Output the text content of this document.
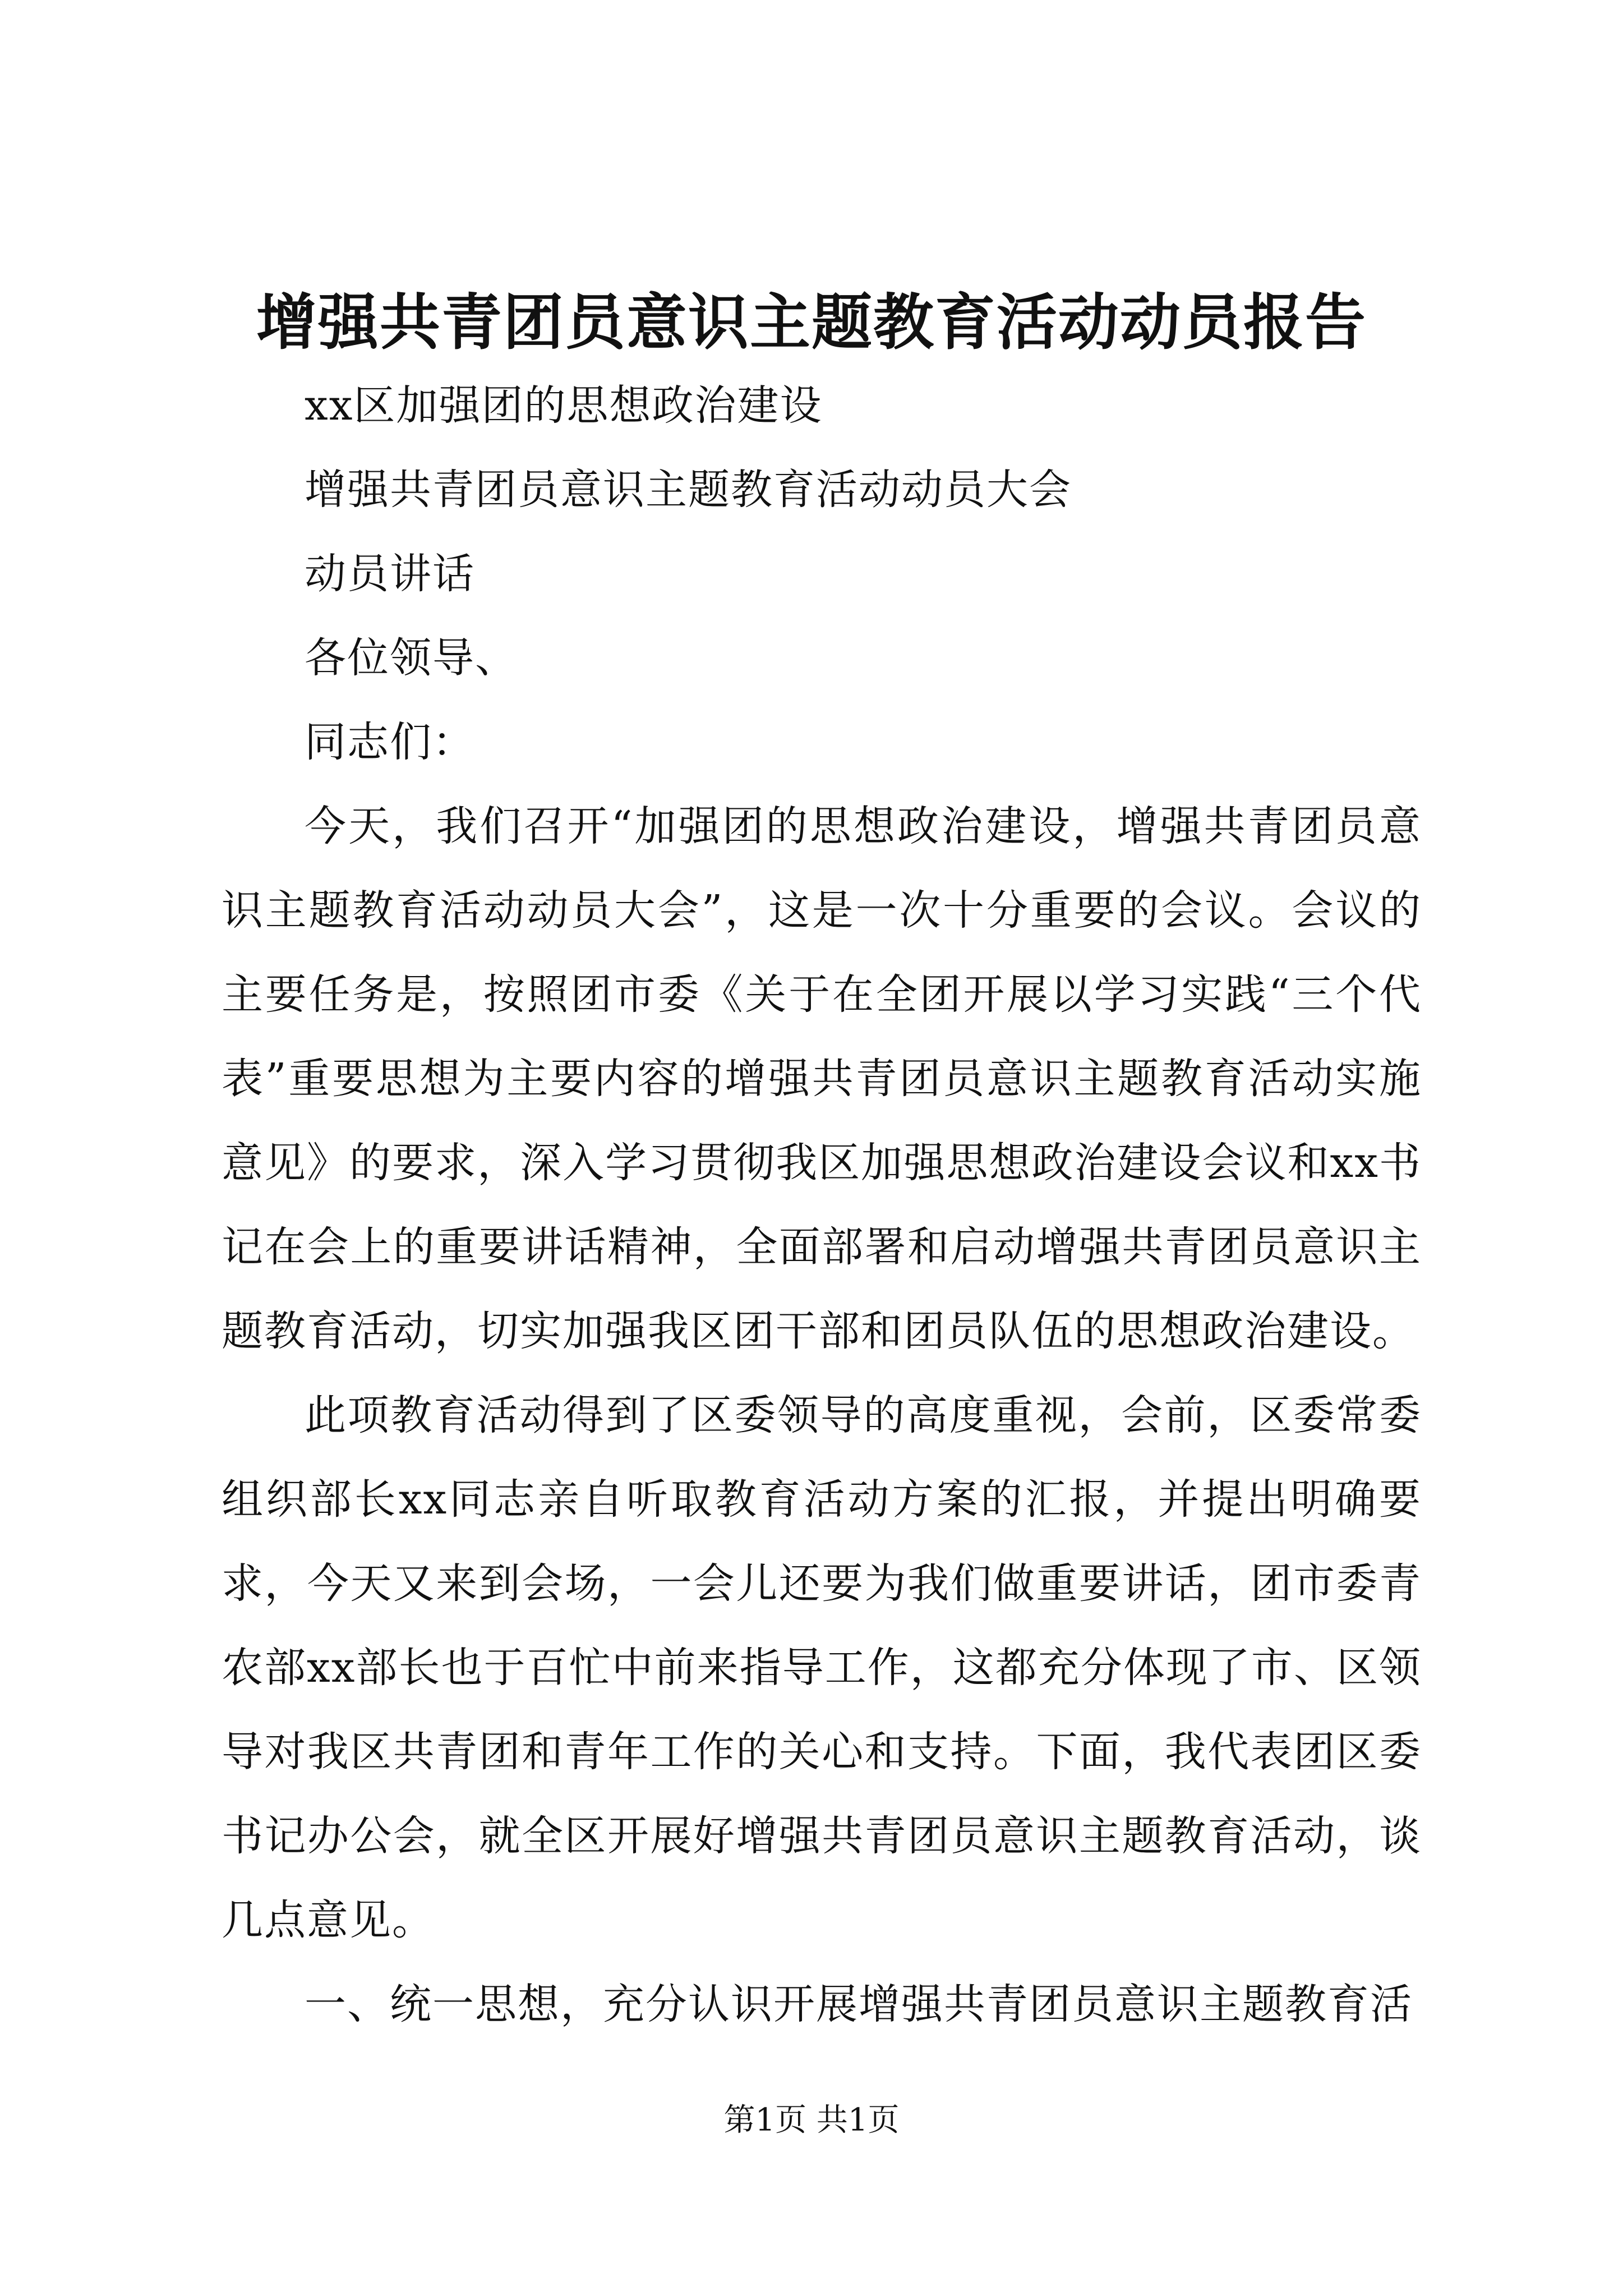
增强共青团员意识主题教育活动动员报告

xx区加强团的思想政治建设

增强共青团员意识主题教育活动动员大会

动员讲话

各位领导、

同志们：

今天，我们召开“加强团的思想政治建设，增强共青团员意识主题教育活动动员大会”，这是一次十分重要的会议。会议的主要任务是，按照团市委《关于在全团开展以学习实践“三个代表”重要思想为主要内容的增强共青团员意识主题教育活动实施意见》的要求，深入学习贯彻我区加强思想政治建设会议和xx书记在会上的重要讲话精神，全面部署和启动增强共青团员意识主题教育活动，切实加强我区团干部和团员队伍的思想政治建设。

此项教育活动得到了区委领导的高度重视，会前，区委常委组织部长xx同志亲自听取教育活动方案的汇报，并提出明确要求，今天又来到会场，一会儿还要为我们做重要讲话，团市委青农部xx部长也于百忙中前来指导工作，这都充分体现了市、区领导对我区共青团和青年工作的关心和支持。下面，我代表团区委书记办公会，就全区开展好增强共青团员意识主题教育活动，谈几点意见。

一、统一思想，充分认识开展增强共青团员意识主题教育活

第1页 共1页
